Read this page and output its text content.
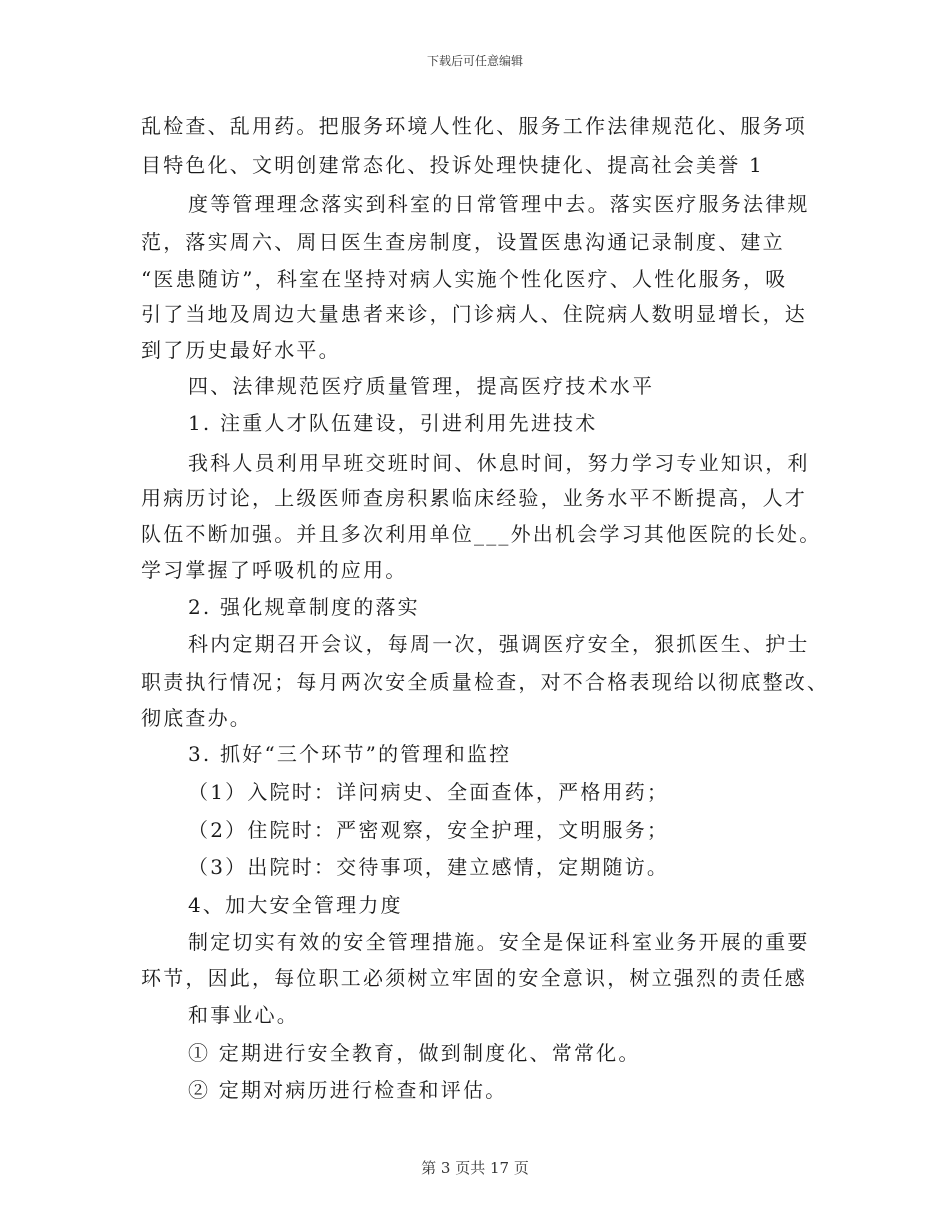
下载后可任意编辑
乱检查、乱用药。把服务环境人性化、服务工作法律规范化、服务项
目特色化、文明创建常态化、投诉处理快捷化、提高社会美誉 1
度等管理理念落实到科室的日常管理中去。落实医疗服务法律规
范，落实周六、周日医生查房制度，设置医患沟通记录制度、建立
“医患随访”，科室在坚持对病人实施个性化医疗、人性化服务，吸
引了当地及周边大量患者来诊，门诊病人、住院病人数明显增长，达
到了历史最好水平。
四、法律规范医疗质量管理，提高医疗技术水平
1. 注重人才队伍建设，引进利用先进技术
我科人员利用早班交班时间、休息时间，努力学习专业知识，利
用病历讨论，上级医师查房积累临床经验，业务水平不断提高，人才
队伍不断加强。并且多次利用单位___外出机会学习其他医院的长处。
学习掌握了呼吸机的应用。
2. 强化规章制度的落实
科内定期召开会议，每周一次，强调医疗安全，狠抓医生、护士
职责执行情况；每月两次安全质量检查，对不合格表现给以彻底整改、
彻底查办。
3. 抓好“三个环节”的管理和监控
（1）入院时：详问病史、全面查体，严格用药；
（2）住院时：严密观察，安全护理，文明服务；
（3）出院时：交待事项，建立感情，定期随访。
4、加大安全管理力度
制定切实有效的安全管理措施。安全是保证科室业务开展的重要
环节，因此，每位职工必须树立牢固的安全意识，树立强烈的责任感
和事业心。
① 定期进行安全教育，做到制度化、常常化。
② 定期对病历进行检查和评估。
第 3 页共 17 页
